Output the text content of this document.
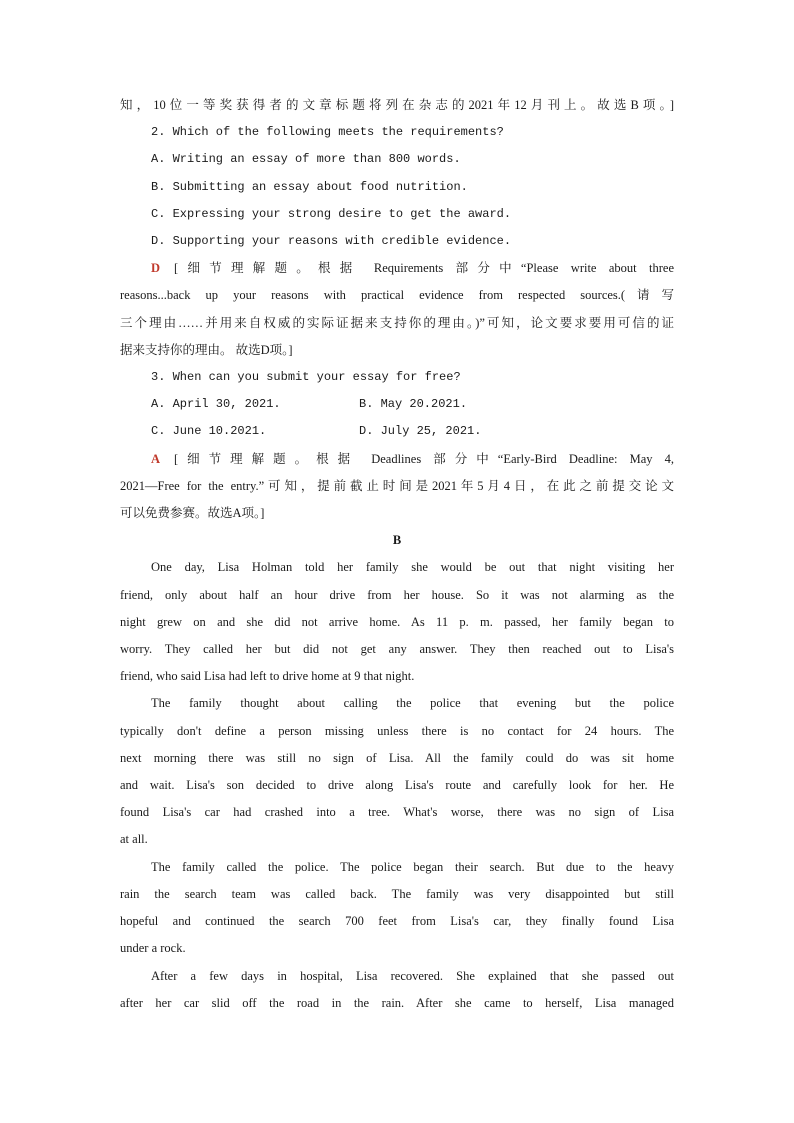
知，10位一等奖获得者的文章标题将列在杂志的2021年12月刊上。故选B项。]

2. Which of the following meets the requirements?

A. Writing an essay of more than 800 words.

B. Submitting an essay about food nutrition.

C. Expressing your strong desire to get the award.

D. Supporting your reasons with credible evidence.

D [细节理解题。根据 Requirements 部分中“Please write about three

reasons...back up your reasons with practical evidence from respected sources.(请写

三个理由……并用来自权威的实际证据来支持你的理由。)”可知，论文要求要用可信的证

据来支持你的理由。 故选D项。]

3. When can you submit your essay for free?

A. April 30, 2021.	B. May 20.2021.
C. June 10.2021.	D. July 25, 2021.

A [细节理解题。根据 Deadlines 部分中“Early-Bird Deadline: May 4,

2021—Free for the entry.”可知，提前截止时间是2021年5月4日，在此之前提交论文

可以免费参赛。故选A项。]

B

One day, Lisa Holman told her family she would be out that night visiting her

friend, only about half an hour drive from her house. So it was not alarming as the

night grew on and she did not arrive home. As 11 p. m. passed, her family began to

worry. They called her but did not get any answer. They then reached out to Lisa's

friend, who said Lisa had left to drive home at 9 that night.

The family thought about calling the police that evening but the police

typically don't define a person missing unless there is no contact for 24 hours. The

next morning there was still no sign of Lisa. All the family could do was sit home

and wait. Lisa's son decided to drive along Lisa's route and carefully look for her. He

found Lisa's car had crashed into a tree. What's worse, there was no sign of Lisa

at all.

The family called the police. The police began their search. But due to the heavy

rain the search team was called back. The family was very disappointed but still

hopeful and continued the search 700 feet from Lisa's car, they finally found Lisa

under a rock.

After a few days in hospital, Lisa recovered. She explained that she passed out

after her car slid off the road in the rain. After she came to herself, Lisa managed
